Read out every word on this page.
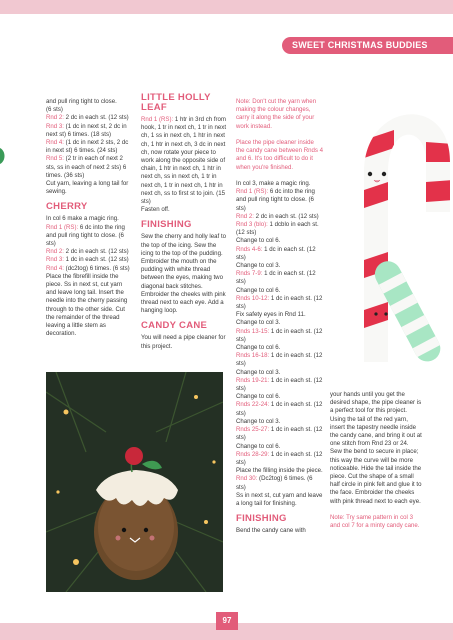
SWEET CHRISTMAS BUDDIES

and pull ring tight to close.

(6 sts)

Rnd 2: 2 dc in each st. (12 sts)

Rnd 3: (1 dc in next st, 2 dc in next st) 6 times. (18 sts)

Rnd 4: (1 dc in next 2 sts, 2 dc in next st) 6 times. (24 sts)

Rnd 5: (2 tr in each of next 2 sts, ss in each of next 2 sts) 6 times. (36 sts)

Cut yarn, leaving a long tail for sewing.

CHERRY

In col 6 make a magic ring.

Rnd 1 (RS): 6 dc into the ring and pull ring tight to close. (6 sts)

Rnd 2: 2 dc in each st. (12 sts)

Rnd 3: 1 dc in each st. (12 sts)

Rnd 4: (dc2tog) 6 times. (6 sts)

Place the fibrefill inside the piece. Ss in next st, cut yarn and leave long tail. Insert the needle into the cherry passing through to the other side. Cut the remainder of the thread leaving a little stem as decoration.

LITTLE HOLLY LEAF

Rnd 1 (RS): 1 htr in 3rd ch from hook, 1 tr in next ch, 1 tr in next ch, 1 ss in next ch, 1 htr in next ch, 1 htr in next ch, 3 dc in next ch, now rotate your piece to work along the opposite side of chain, 1 htr in next ch, 1 htr in next ch, ss in next ch, 1 tr in next ch, 1 tr in next ch, 1 htr in next ch, ss to first st to join. (15 sts)

Fasten off.

FINISHING

Sew the cherry and holly leaf to the top of the icing. Sew the icing to the top of the pudding. Embroider the mouth on the pudding with white thread between the eyes, making two diagonal back stitches. Embroider the cheeks with pink thread next to each eye. Add a hanging loop.

CANDY CANE

You will need a pipe cleaner for this project.

Note: Don't cut the yarn when making the colour changes, carry it along the side of your work instead.

Place the pipe cleaner inside the candy cane between Rnds 4 and 6. It's too difficult to do it when you're finished.

In col 3, make a magic ring.

Rnd 1 (RS): 6 dc into the ring and pull ring tight to close. (6 sts)

Rnd 2: 2 dc in each st. (12 sts)

Rnd 3 (blo): 1 dcblo in each st. (12 sts)

Change to col 6.

Rnds 4-6: 1 dc in each st. (12 sts)

Change to col 3.

Rnds 7-9: 1 dc in each st. (12 sts)

Change to col 6.

Rnds 10-12: 1 dc in each st. (12 sts)

Fix safety eyes in Rnd 11.

Change to col 3.

Rnds 13-15: 1 dc in each st. (12 sts)

Change to col 6.

Rnds 16-18: 1 dc in each st. (12 sts)

Change to col 3.

Rnds 19-21: 1 dc in each st. (12 sts)

Change to col 6.

Rnds 22-24: 1 dc in each st. (12 sts)

Change to col 3.

Rnds 25-27: 1 dc in each st. (12 sts)

Change to col 6.

Rnds 28-29: 1 dc in each st. (12 sts)

Place the filling inside the piece.

Rnd 30: (Dc2tog) 6 times. (6 sts)

Ss in next st, cut yarn and leave a long tail for finishing.

FINISHING

Bend the candy cane with

your hands until you get the desired shape, the pipe cleaner is a perfect tool for this project. Using the tail of the red yarn, insert the tapestry needle inside the candy cane, and bring it out at one stitch from Rnd 23 or 24. Sew the bend to secure in place; this way the curve will be more noticeable. Hide the tail inside the piece. Cut the shape of a small half circle in pink felt and glue it to the face. Embroider the cheeks with pink thread next to each eye.

Note: Try same pattern in col 3 and col 7 for a minty candy cane.

97
